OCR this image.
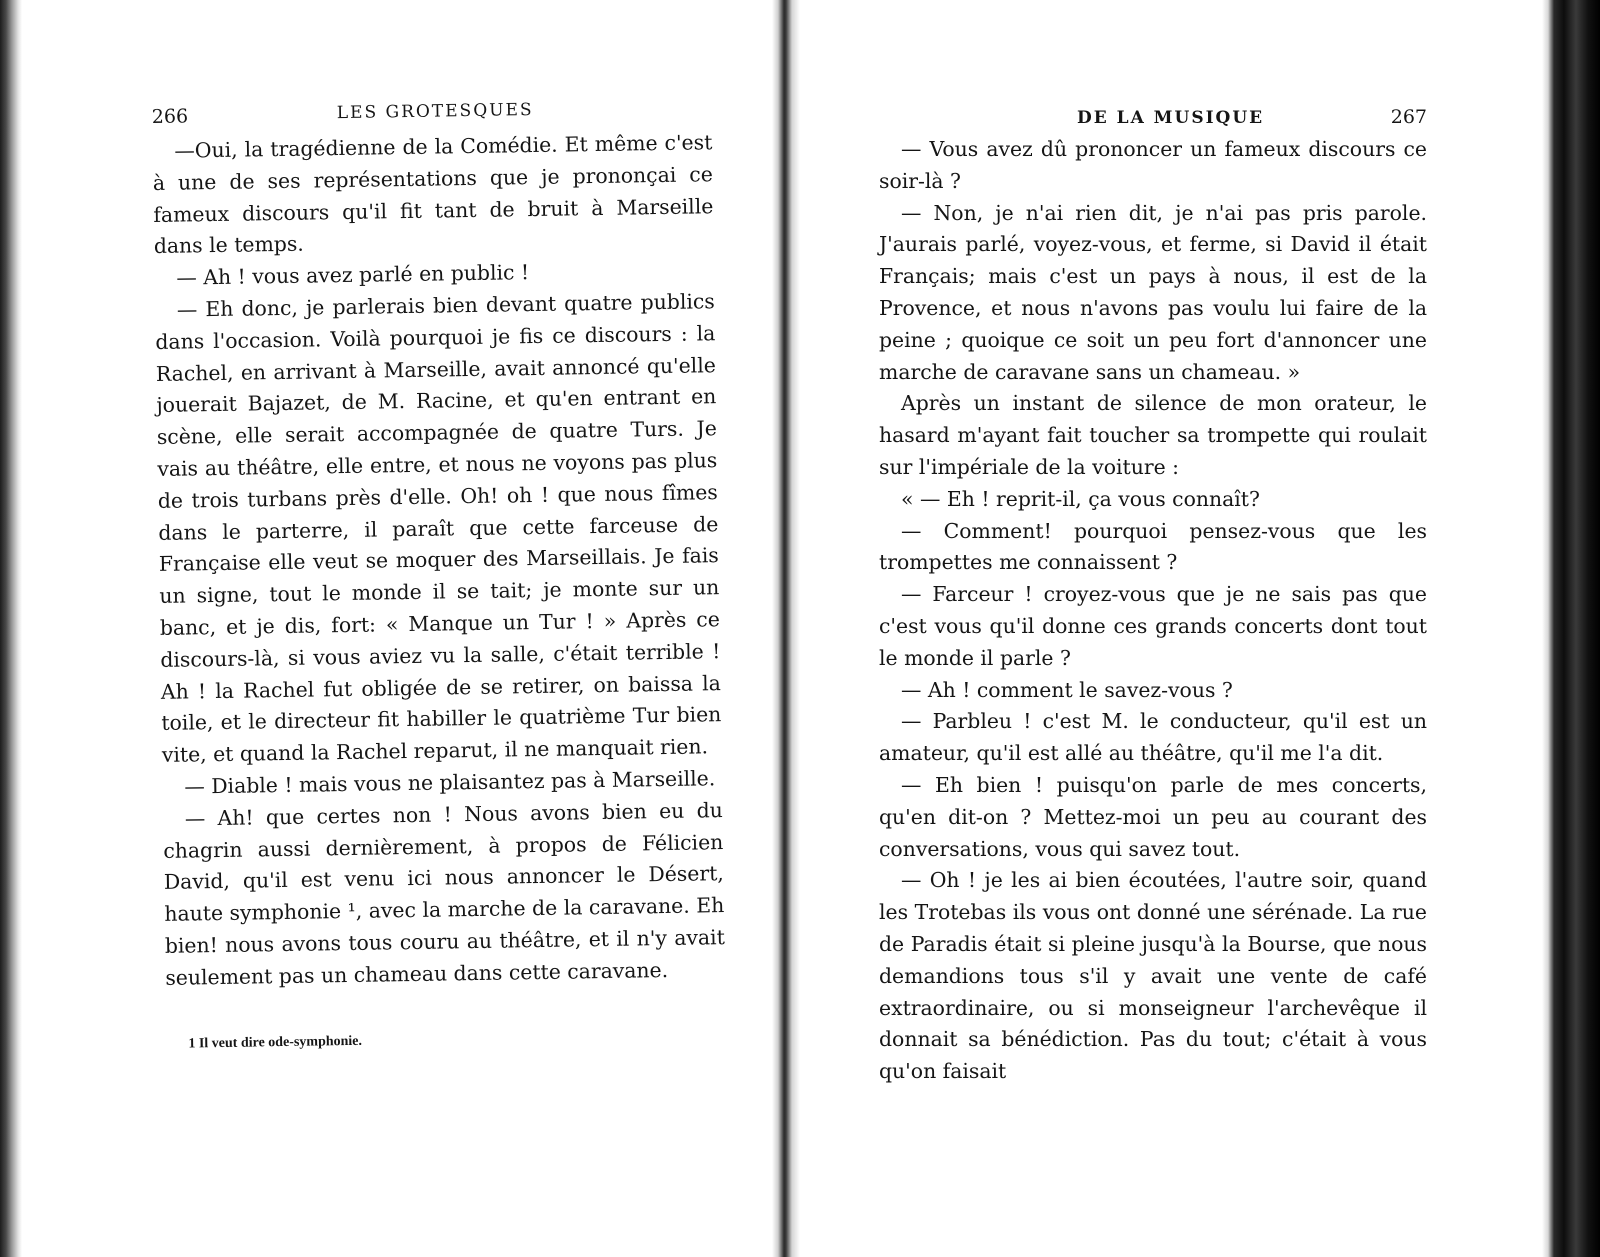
266	LES GROTESQUES

—Oui, la tragédienne de la Comédie. Et même c'est à une de ses représentations que je prononçai ce fameux discours qu'il fit tant de bruit à Marseille dans le temps.

— Ah ! vous avez parlé en public !

— Eh donc, je parlerais bien devant quatre publics dans l'occasion. Voilà pourquoi je fis ce discours : la Rachel, en arrivant à Marseille, avait annoncé qu'elle jouerait Bajazet, de M. Racine, et qu'en entrant en scène, elle serait accompagnée de quatre Turs. Je vais au théâtre, elle entre, et nous ne voyons pas plus de trois turbans près d'elle. Oh! oh ! que nous fîmes dans le parterre, il paraît que cette farceuse de Française elle veut se moquer des Marseillais. Je fais un signe, tout le monde il se tait; je monte sur un banc, et je dis, fort: « Manque un Tur ! » Après ce discours-là, si vous aviez vu la salle, c'était terrible ! Ah ! la Rachel fut obligée de se retirer, on baissa la toile, et le directeur fit habiller le quatrième Tur bien vite, et quand la Rachel reparut, il ne manquait rien.

— Diable ! mais vous ne plaisantez pas à Marseille.

— Ah! que certes non ! Nous avons bien eu du chagrin aussi dernièrement, à propos de Félicien David, qu'il est venu ici nous annoncer le Désert, haute symphonie ¹, avec la marche de la caravane. Eh bien! nous avons tous couru au théâtre, et il n'y avait seulement pas un chameau dans cette caravane.

1 Il veut dire ode-symphonie.
DE LA MUSIQUE	267

— Vous avez dû prononcer un fameux discours ce soir-là ?

— Non, je n'ai rien dit, je n'ai pas pris parole. J'aurais parlé, voyez-vous, et ferme, si David il était Français; mais c'est un pays à nous, il est de la Provence, et nous n'avons pas voulu lui faire de la peine ; quoique ce soit un peu fort d'annoncer une marche de caravane sans un chameau. »

Après un instant de silence de mon orateur, le hasard m'ayant fait toucher sa trompette qui roulait sur l'impériale de la voiture :

« — Eh ! reprit-il, ça vous connaît?

— Comment! pourquoi pensez-vous que les trompettes me connaissent ?

— Farceur ! croyez-vous que je ne sais pas que c'est vous qu'il donne ces grands concerts dont tout le monde il parle ?

— Ah ! comment le savez-vous ?

— Parbleu ! c'est M. le conducteur, qu'il est un amateur, qu'il est allé au théâtre, qu'il me l'a dit.

— Eh bien ! puisqu'on parle de mes concerts, qu'en dit-on ? Mettez-moi un peu au courant des conversations, vous qui savez tout.

— Oh ! je les ai bien écoutées, l'autre soir, quand les Trotebas ils vous ont donné une sérénade. La rue de Paradis était si pleine jusqu'à la Bourse, que nous demandions tous s'il y avait une vente de café extraordinaire, ou si monseigneur l'archevêque il donnait sa bénédiction. Pas du tout; c'était à vous qu'on faisait
